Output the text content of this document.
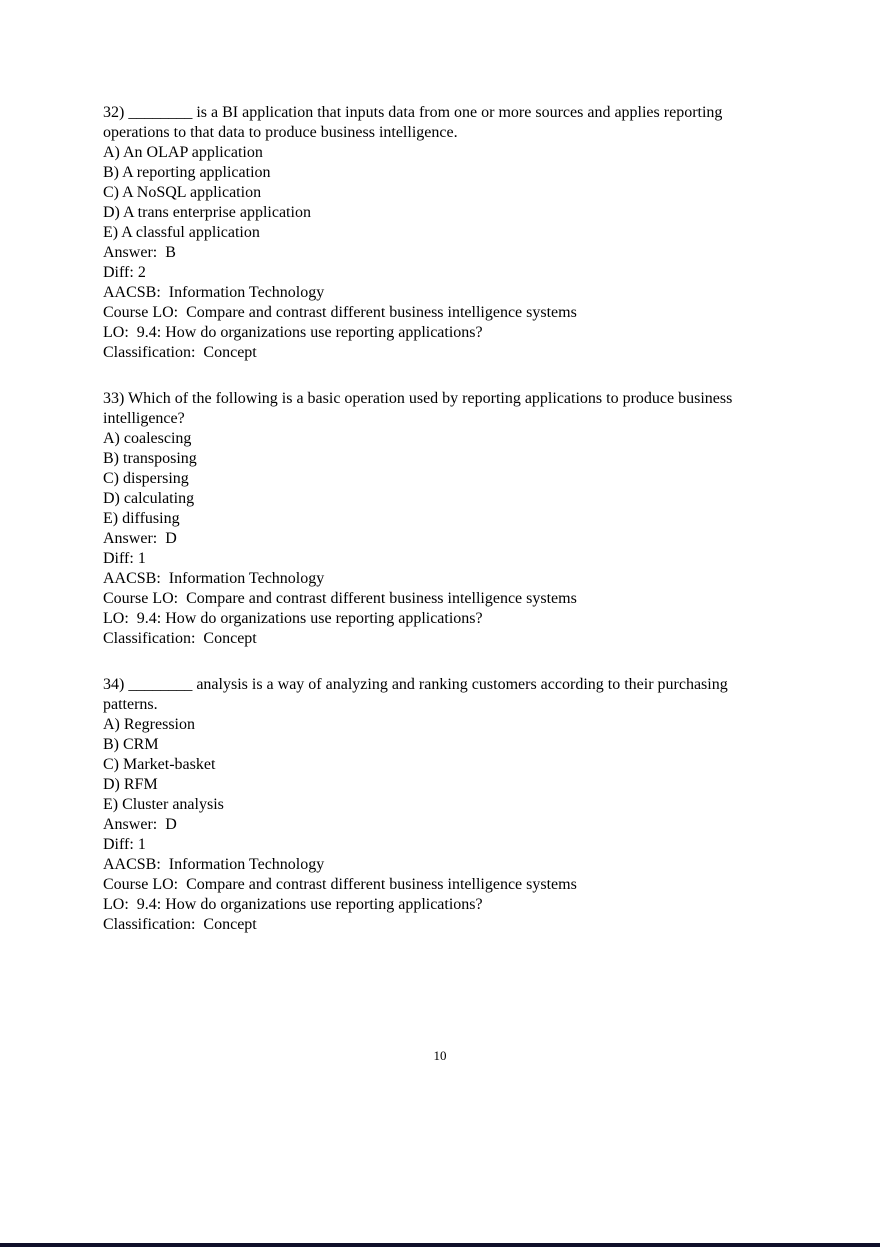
32) ________ is a BI application that inputs data from one or more sources and applies reporting operations to that data to produce business intelligence.
A) An OLAP application
B) A reporting application
C) A NoSQL application
D) A trans enterprise application
E) A classful application
Answer:  B
Diff: 2
AACSB:  Information Technology
Course LO:  Compare and contrast different business intelligence systems
LO:  9.4: How do organizations use reporting applications?
Classification:  Concept
33) Which of the following is a basic operation used by reporting applications to produce business intelligence?
A) coalescing
B) transposing
C) dispersing
D) calculating
E) diffusing
Answer:  D
Diff: 1
AACSB:  Information Technology
Course LO:  Compare and contrast different business intelligence systems
LO:  9.4: How do organizations use reporting applications?
Classification:  Concept
34) ________ analysis is a way of analyzing and ranking customers according to their purchasing patterns.
A) Regression
B) CRM
C) Market-basket
D) RFM
E) Cluster analysis
Answer:  D
Diff: 1
AACSB:  Information Technology
Course LO:  Compare and contrast different business intelligence systems
LO:  9.4: How do organizations use reporting applications?
Classification:  Concept
10
